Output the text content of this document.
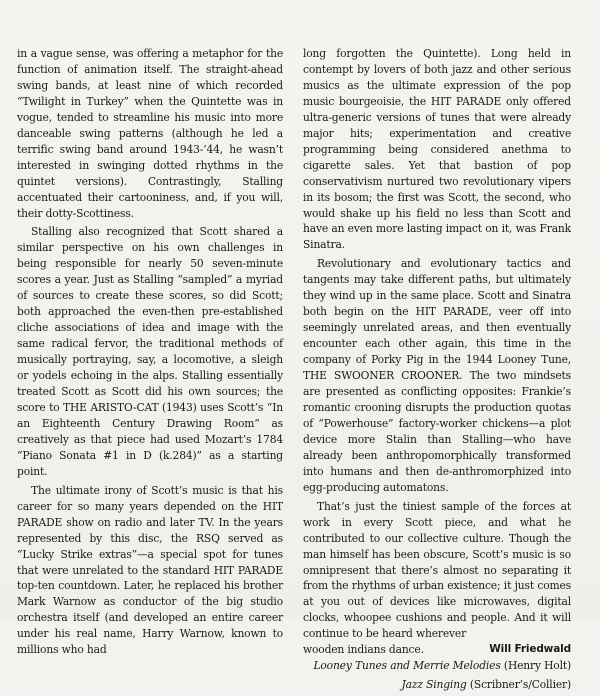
in a vague sense, was offering a metaphor for the function of animation itself. The straight-ahead swing bands, at least nine of which recorded “Twilight in Turkey” when the Quintette was in vogue, tended to streamline his music into more danceable swing patterns (although he led a terrific swing band around 1943-’44, he wasn’t interested in swinging dotted rhythms in the quintet versions). Contrastingly, Stalling accentuated their cartooniness, and, if you will, their dotty-Scottiness.

Stalling also recognized that Scott shared a similar perspective on his own challenges in being responsible for nearly 50 seven-minute scores a year. Just as Stalling “sampled” a myriad of sources to create these scores, so did Scott; both approached the even-then pre-established cliche associations of idea and image with the same radical fervor, the traditional methods of musically portraying, say, a locomotive, a sleigh or yodels echoing in the alps. Stalling essentially treated Scott as Scott did his own sources; the score to THE ARISTO-CAT (1943) uses Scott’s “In an Eighteenth Century Drawing Room” as creatively as that piece had used Mozart’s 1784 “Piano Sonata #1 in D (k.284)” as a starting point.

The ultimate irony of Scott’s music is that his career for so many years depended on the HIT PARADE show on radio and later TV. In the years represented by this disc, the RSQ served as “Lucky Strike extras”—a special spot for tunes that were unrelated to the standard HIT PARADE top-ten countdown. Later, he replaced his brother Mark Warnow as conductor of the big studio orchestra itself (and developed an entire career under his real name, Harry Warnow, known to millions who had

long forgotten the Quintette). Long held in contempt by lovers of both jazz and other serious musics as the ultimate expression of the pop music bourgeoisie, the HIT PARADE only offered ultra-generic versions of tunes that were already major hits; experimentation and creative programming being considered anethma to cigarette sales. Yet that bastion of pop conservativism nurtured two revolutionary vipers in its bosom; the first was Scott, the second, who would shake up his field no less than Scott and have an even more lasting impact on it, was Frank Sinatra.

Revolutionary and evolutionary tactics and tangents may take different paths, but ultimately they wind up in the same place. Scott and Sinatra both begin on the HIT PARADE, veer off into seemingly unrelated areas, and then eventually encounter each other again, this time in the company of Porky Pig in the 1944 Looney Tune, THE SWOONER CROONER. The two mindsets are presented as conflicting opposites: Frankie’s romantic crooning disrupts the production quotas of “Powerhouse” factory-worker chickens—a plot device more Stalin than Stalling—who have already been anthropomorphically transformed into humans and then de-anthromorphized into egg-producing automatons.

That’s just the tiniest sample of the forces at work in every Scott piece, and what he contributed to our collective culture. Though the man himself has been obscure, Scott’s music is so omnipresent that there’s almost no separating it from the rhythms of urban existence; it just comes at you out of devices like microwaves, digital clocks, whoopee cushions and people. And it will continue to be heard wherever

wooden indians dance.	Will Friedwald

Looney Tunes and Merrie Melodies (Henry Holt)

Jazz Singing (Scribner’s/Collier)
